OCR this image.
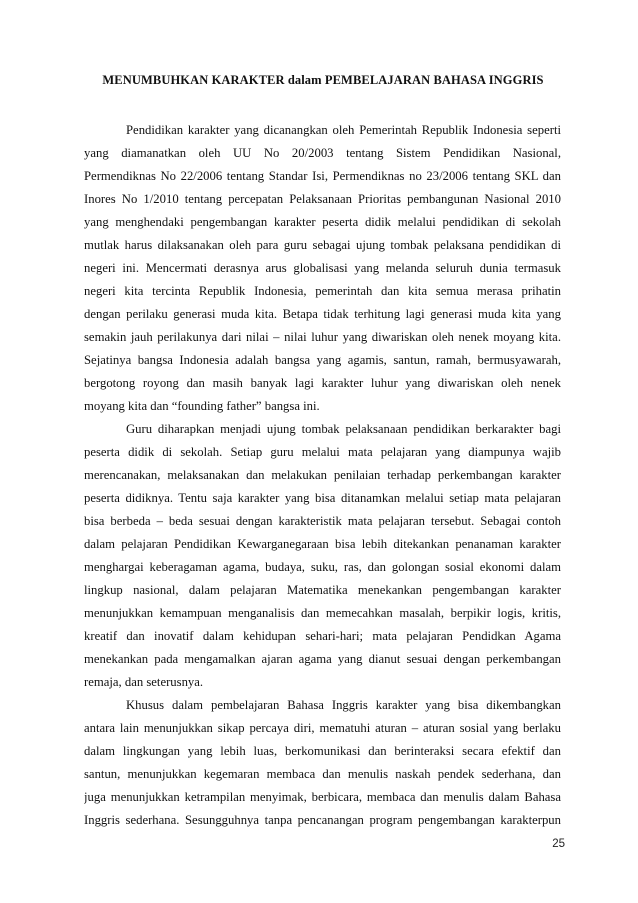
MENUMBUHKAN KARAKTER dalam PEMBELAJARAN BAHASA INGGRIS
Pendidikan karakter yang dicanangkan oleh Pemerintah Republik Indonesia seperti
yang diamanatkan oleh UU No 20/2003 tentang Sistem Pendidikan Nasional,
Permendiknas No 22/2006 tentang Standar Isi, Permendiknas no 23/2006 tentang SKL dan
Inores No 1/2010 tentang percepatan Pelaksanaan Prioritas pembangunan Nasional 2010
yang menghendaki pengembangan karakter peserta didik melalui pendidikan di sekolah
mutlak harus dilaksanakan oleh para guru sebagai ujung tombak pelaksana pendidikan di
negeri ini. Mencermati derasnya arus globalisasi yang melanda seluruh dunia termasuk
negeri kita tercinta Republik Indonesia, pemerintah dan kita semua merasa prihatin
dengan perilaku generasi muda kita. Betapa tidak terhitung lagi generasi muda kita yang
semakin jauh perilakunya dari nilai – nilai luhur yang diwariskan oleh nenek moyang kita.
Sejatinya bangsa Indonesia adalah bangsa yang agamis, santun, ramah, bermusyawarah,
bergotong royong dan masih banyak lagi karakter luhur yang diwariskan oleh nenek
moyang kita dan “founding father” bangsa ini.
Guru diharapkan menjadi ujung tombak pelaksanaan pendidikan berkarakter bagi
peserta didik di sekolah. Setiap guru melalui mata pelajaran yang diampunya wajib
merencanakan, melaksanakan dan melakukan penilaian terhadap perkembangan karakter
peserta didiknya. Tentu saja karakter yang bisa ditanamkan melalui setiap mata pelajaran
bisa berbeda – beda sesuai dengan karakteristik mata pelajaran tersebut. Sebagai contoh
dalam pelajaran Pendidikan Kewarganegaraan bisa lebih ditekankan penanaman karakter
menghargai keberagaman agama, budaya, suku, ras, dan golongan sosial ekonomi dalam
lingkup nasional, dalam pelajaran Matematika menekankan pengembangan karakter
menunjukkan kemampuan menganalisis dan memecahkan masalah, berpikir logis, kritis,
kreatif dan inovatif dalam kehidupan sehari-hari; mata pelajaran Pendidkan Agama
menekankan pada mengamalkan ajaran agama yang dianut sesuai dengan perkembangan
remaja, dan seterusnya.
Khusus dalam pembelajaran Bahasa Inggris karakter yang bisa dikembangkan
antara lain menunjukkan sikap percaya diri, mematuhi aturan – aturan sosial yang berlaku
dalam lingkungan yang lebih luas, berkomunikasi dan berinteraksi secara efektif dan
santun, menunjukkan kegemaran membaca dan menulis naskah pendek sederhana, dan
juga menunjukkan ketrampilan menyimak, berbicara, membaca dan menulis dalam Bahasa
Inggris sederhana. Sesungguhnya tanpa pencanangan program pengembangan karakterpun
25
